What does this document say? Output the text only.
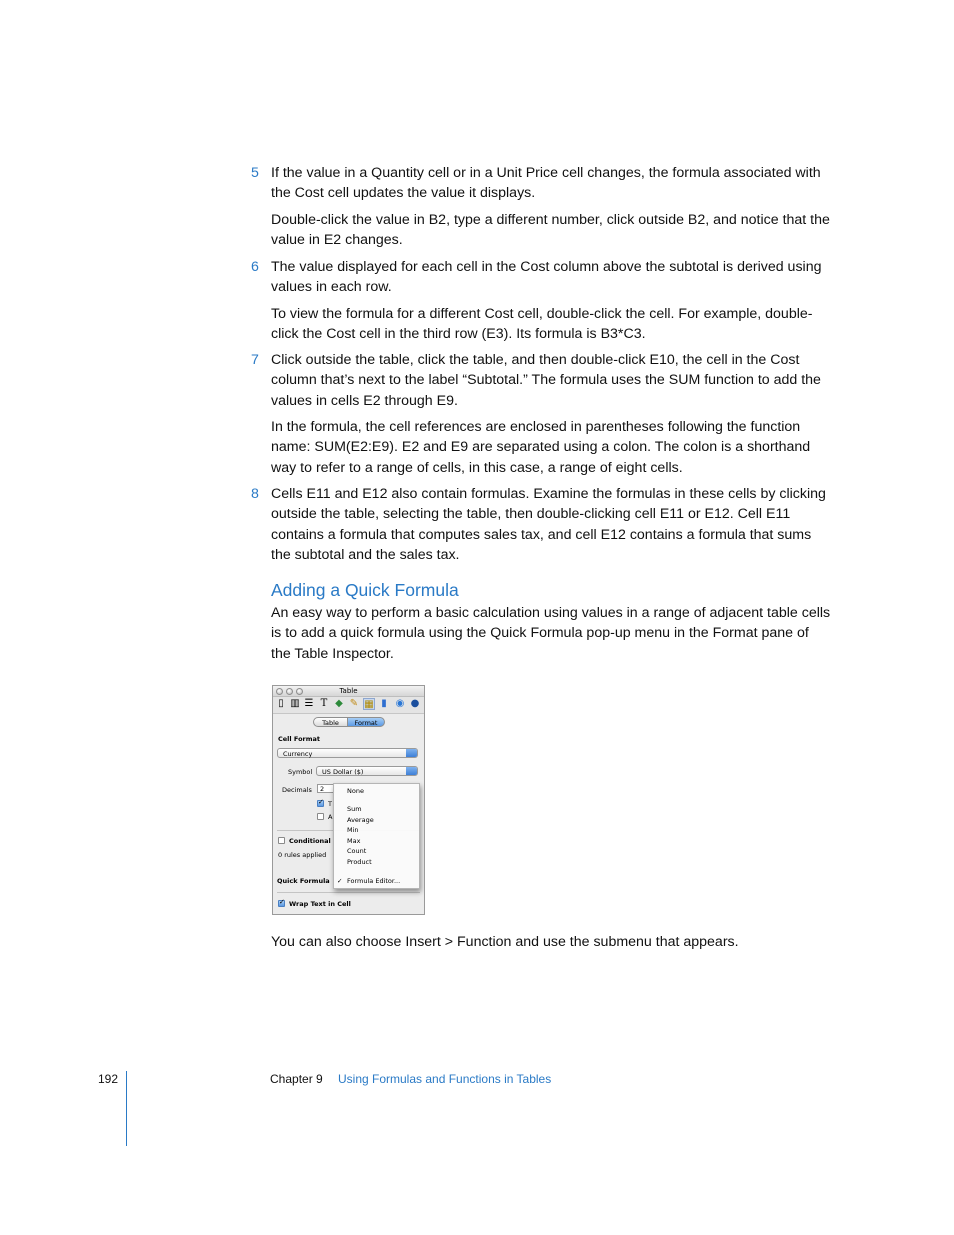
5 If the value in a Quantity cell or in a Unit Price cell changes, the formula associated with the Cost cell updates the value it displays.
Double-click the value in B2, type a different number, click outside B2, and notice that the value in E2 changes.
6 The value displayed for each cell in the Cost column above the subtotal is derived using values in each row.
To view the formula for a different Cost cell, double-click the cell. For example, double-click the Cost cell in the third row (E3). Its formula is B3*C3.
7 Click outside the table, click the table, and then double-click E10, the cell in the Cost column that’s next to the label “Subtotal.” The formula uses the SUM function to add the values in cells E2 through E9.
In the formula, the cell references are enclosed in parentheses following the function name: SUM(E2:E9). E2 and E9 are separated using a colon. The colon is a shorthand way to refer to a range of cells, in this case, a range of eight cells.
8 Cells E11 and E12 also contain formulas. Examine the formulas in these cells by clicking outside the table, selecting the table, then double-clicking cell E11 or E12. Cell E11 contains a formula that computes sales tax, and cell E12 contains a formula that sums the subtotal and the sales tax.
Adding a Quick Formula
An easy way to perform a basic calculation using values in a range of adjacent table cells is to add a quick formula using the Quick Formula pop-up menu in the Format pane of the Table Inspector.
Table
▯ ▥ ☰ T ◆ ✎ ▦ ▮ ◉ ●
Table	Format
Cell Format
Currency
Symbol	US Dollar ($)
Decimals	2
✓
T
A
Conditional
0 rules applied
Quick Formula
✓
Wrap Text in Cell
None
Sum
Average
Min
Max
Count
Product
✓ Formula Editor...
You can also choose Insert > Function and use the submenu that appears.
192	Chapter 9 Using Formulas and Functions in Tables
